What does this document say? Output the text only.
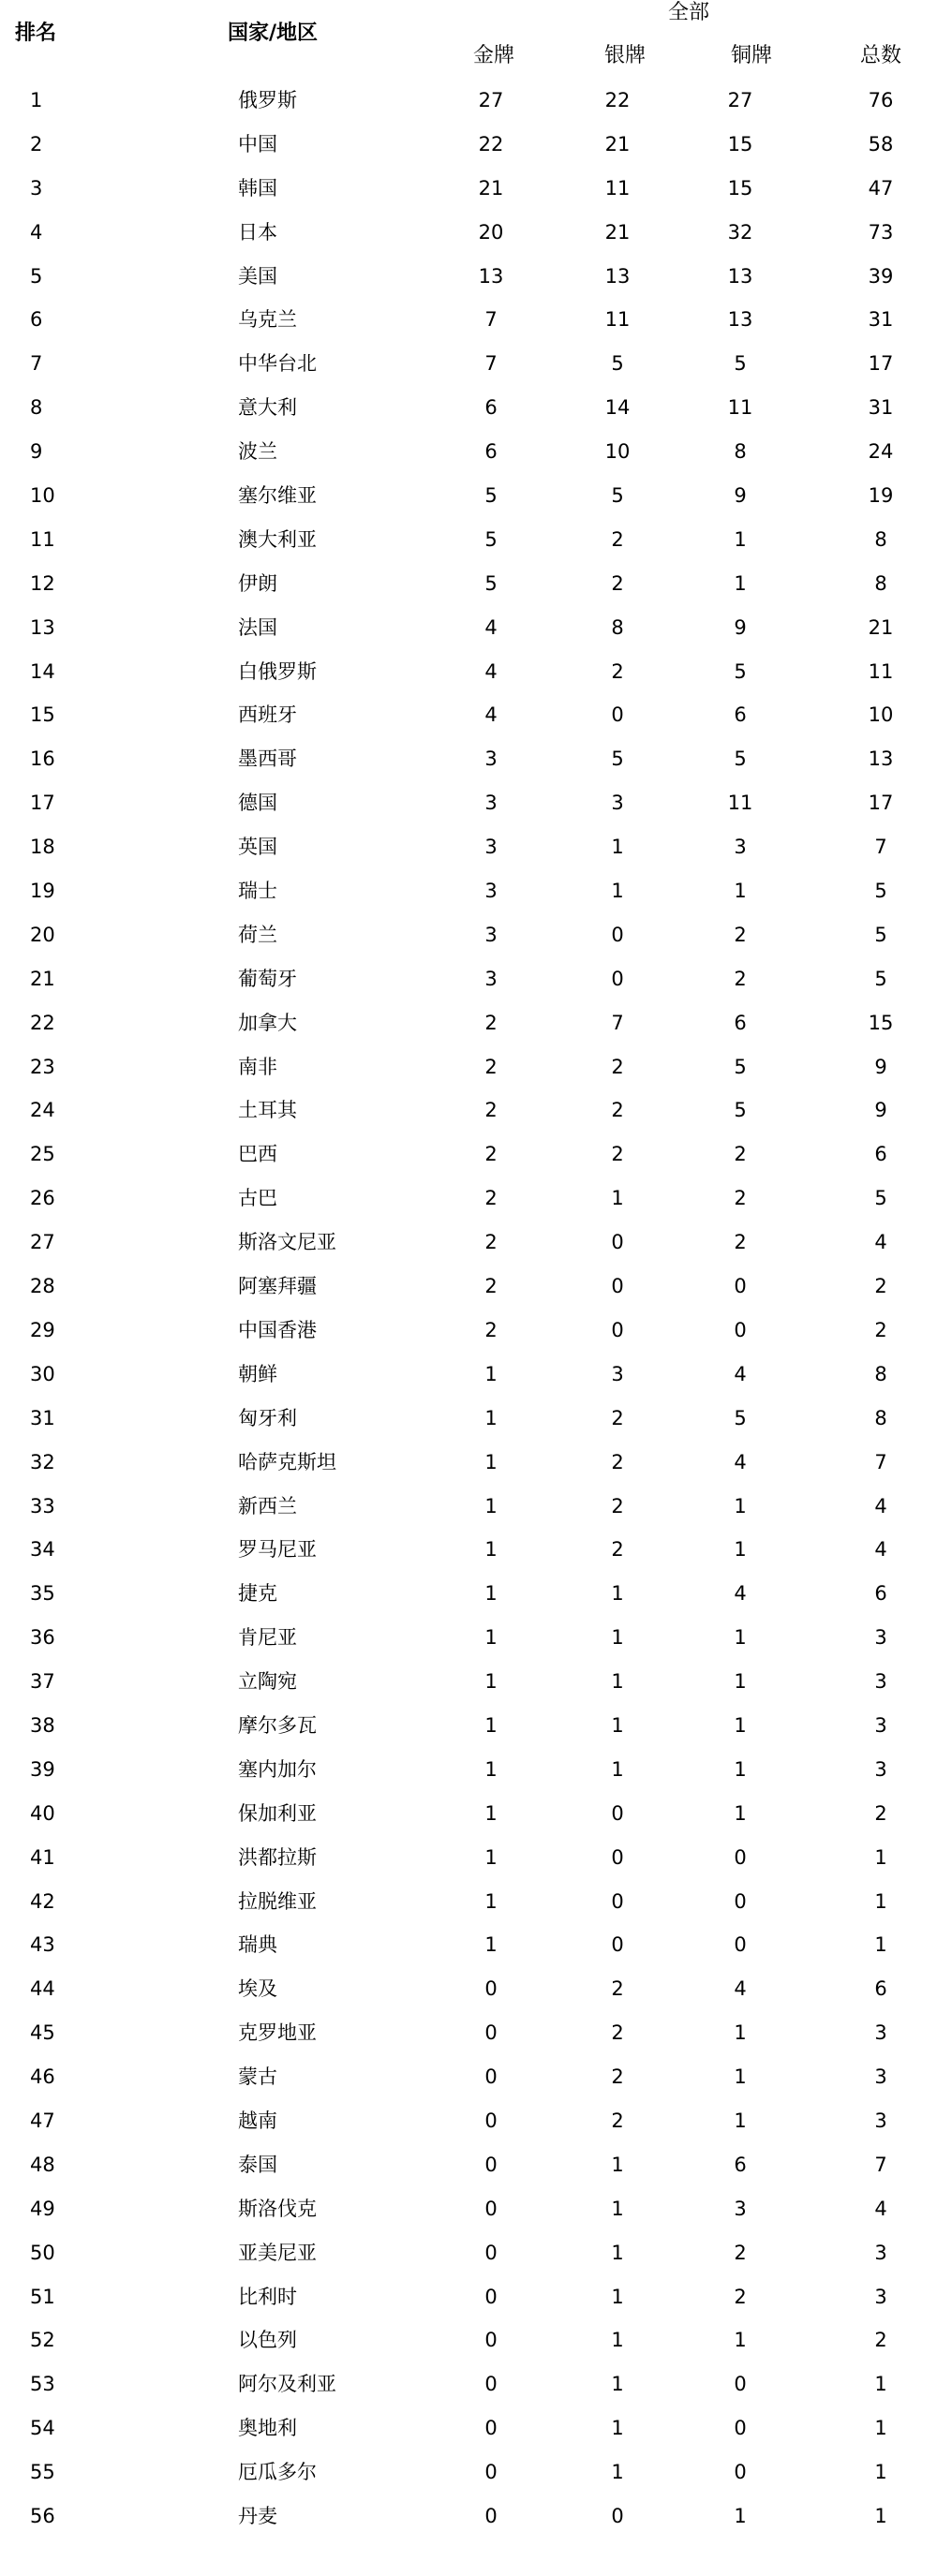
排名	国家/地区
全部
金牌	银牌	铜牌	总数
1	俄罗斯	27	22	27	76
2	中国	22	21	15	58
3	韩国	21	11	15	47
4	日本	20	21	32	73
5	美国	13	13	13	39
6	乌克兰	7	11	13	31
7	中华台北	7	5	5	17
8	意大利	6	14	11	31
9	波兰	6	10	8	24
10	塞尔维亚	5	5	9	19
11	澳大利亚	5	2	1	8
12	伊朗	5	2	1	8
13	法国	4	8	9	21
14	白俄罗斯	4	2	5	11
15	西班牙	4	0	6	10
16	墨西哥	3	5	5	13
17	德国	3	3	11	17
18	英国	3	1	3	7
19	瑞士	3	1	1	5
20	荷兰	3	0	2	5
21	葡萄牙	3	0	2	5
22	加拿大	2	7	6	15
23	南非	2	2	5	9
24	土耳其	2	2	5	9
25	巴西	2	2	2	6
26	古巴	2	1	2	5
27	斯洛文尼亚	2	0	2	4
28	阿塞拜疆	2	0	0	2
29	中国香港	2	0	0	2
30	朝鲜	1	3	4	8
31	匈牙利	1	2	5	8
32	哈萨克斯坦	1	2	4	7
33	新西兰	1	2	1	4
34	罗马尼亚	1	2	1	4
35	捷克	1	1	4	6
36	肯尼亚	1	1	1	3
37	立陶宛	1	1	1	3
38	摩尔多瓦	1	1	1	3
39	塞内加尔	1	1	1	3
40	保加利亚	1	0	1	2
41	洪都拉斯	1	0	0	1
42	拉脱维亚	1	0	0	1
43	瑞典	1	0	0	1
44	埃及	0	2	4	6
45	克罗地亚	0	2	1	3
46	蒙古	0	2	1	3
47	越南	0	2	1	3
48	泰国	0	1	6	7
49	斯洛伐克	0	1	3	4
50	亚美尼亚	0	1	2	3
51	比利时	0	1	2	3
52	以色列	0	1	1	2
53	阿尔及利亚	0	1	0	1
54	奥地利	0	1	0	1
55	厄瓜多尔	0	1	0	1
56	丹麦	0	0	1	1
